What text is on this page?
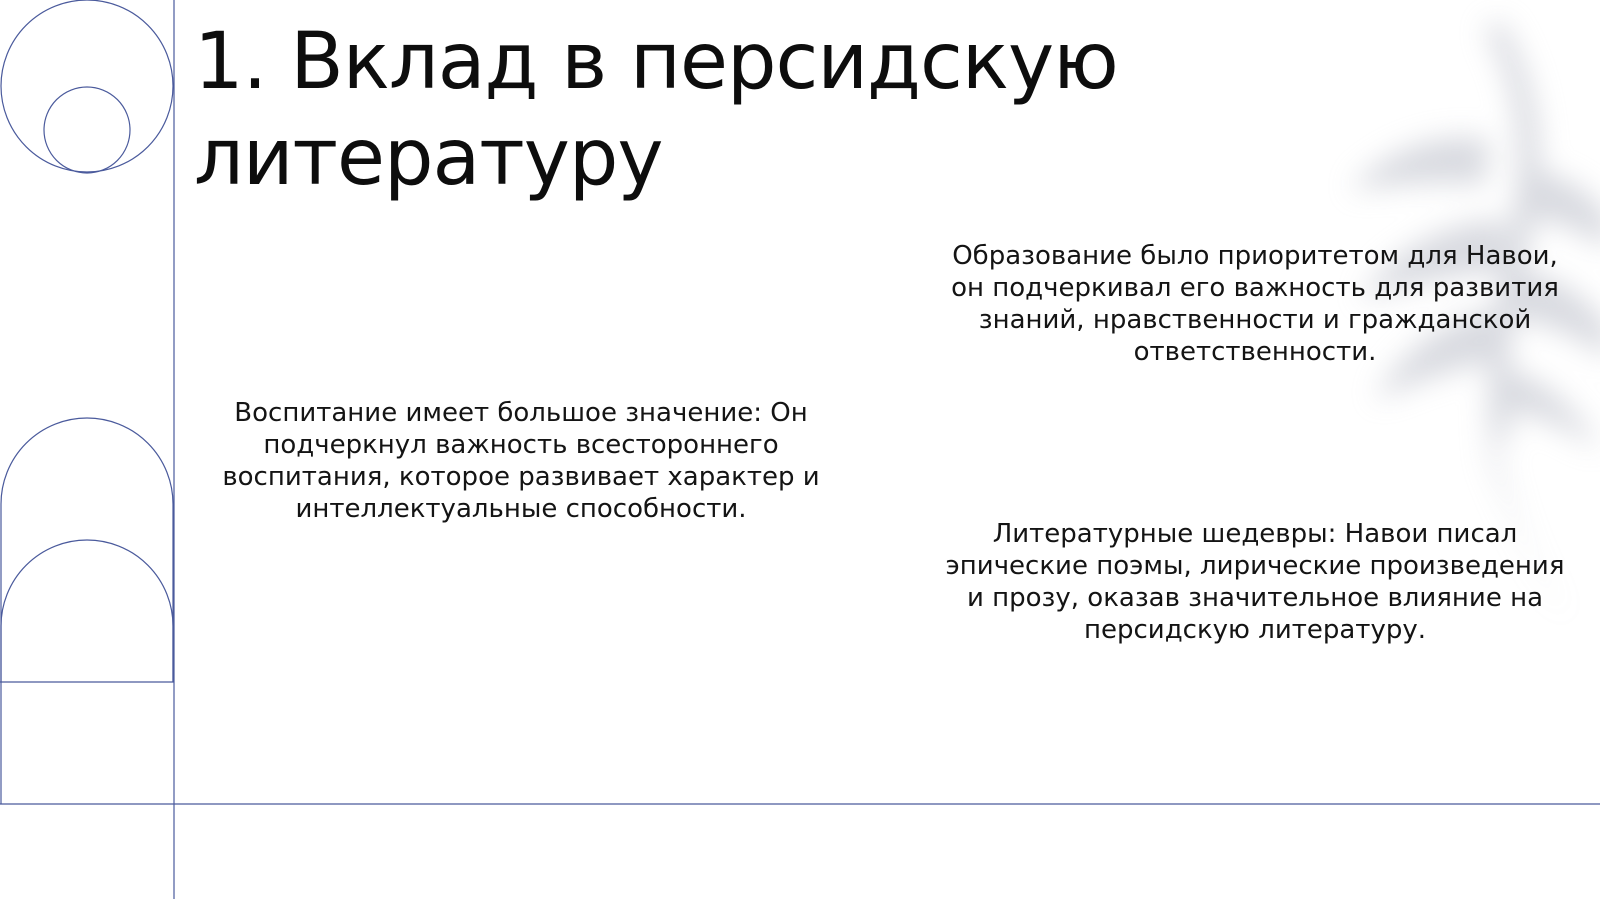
1. Вклад в персидскую литературу

Образование было приоритетом для Навои, он подчеркивал его важность для развития знаний, нравственности и гражданской ответственности.

Воспитание имеет большое значение: Он подчеркнул важность всестороннего воспитания, которое развивает характер и интеллектуальные способности.

Литературные шедевры: Навои писал эпические поэмы, лирические произведения и прозу, оказав значительное влияние на персидскую литературу.
